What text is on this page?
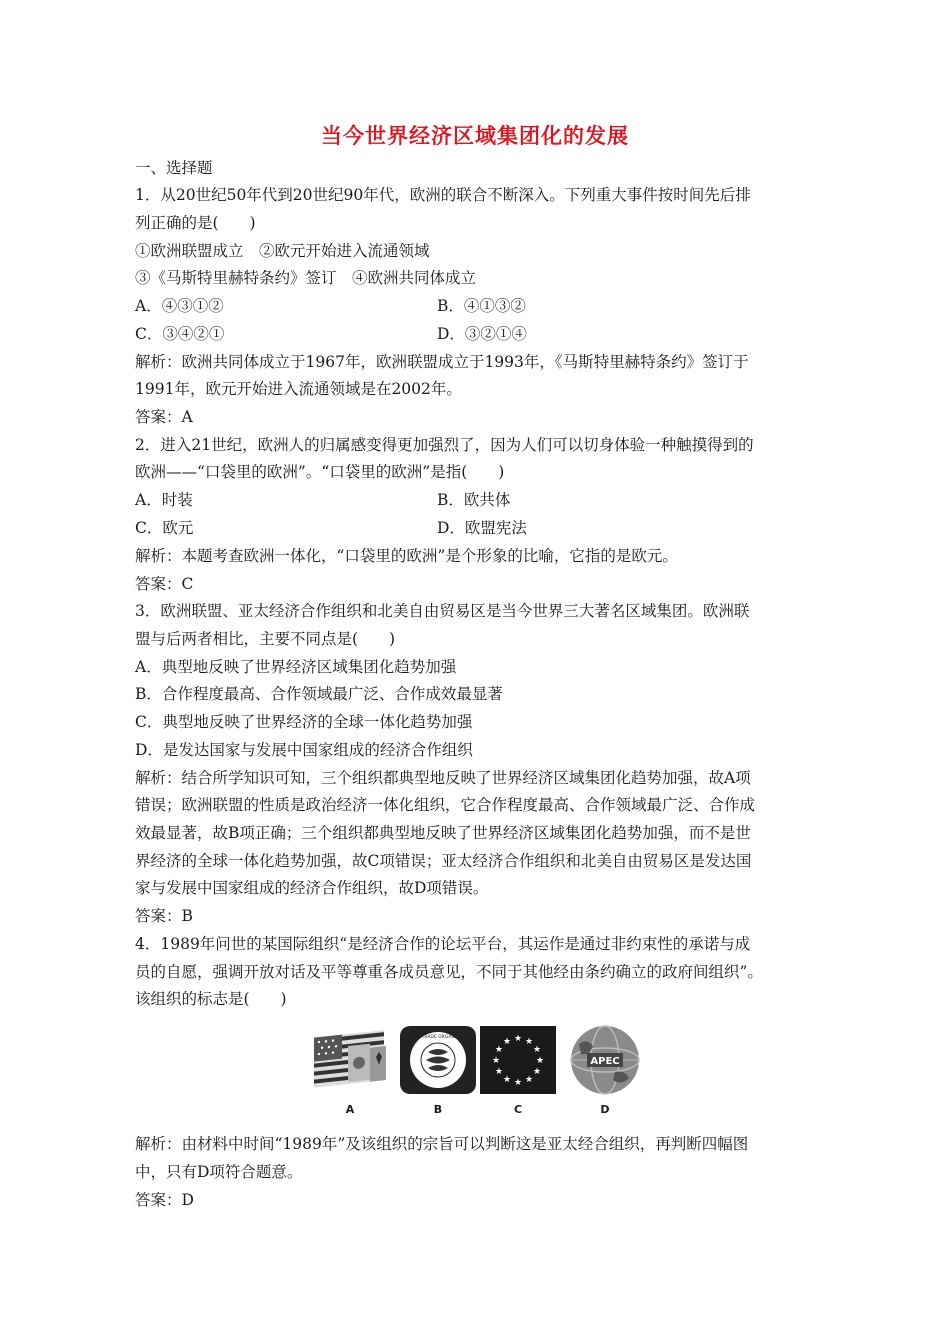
当今世界经济区域集团化的发展
一、选择题
1．从20世纪50年代到20世纪90年代，欧洲的联合不断深入。下列重大事件按时间先后排
列正确的是(　　)
①欧洲联盟成立　②欧元开始进入流通领域
③《马斯特里赫特条约》签订　④欧洲共同体成立
A．④③①②	B．④①③②
C．③④②①	D．③②①④
解析：欧洲共同体成立于1967年，欧洲联盟成立于1993年，《马斯特里赫特条约》签订于
1991年，欧元开始进入流通领域是在2002年。
答案：A
2．进入21世纪，欧洲人的归属感变得更加强烈了，因为人们可以切身体验一种触摸得到的
欧洲——“口袋里的欧洲”。“口袋里的欧洲”是指(　　)
A．时装	B．欧共体
C．欧元	D．欧盟宪法
解析：本题考查欧洲一体化，“口袋里的欧洲”是个形象的比喻，它指的是欧元。
答案：C
3．欧洲联盟、亚太经济合作组织和北美自由贸易区是当今世界三大著名区域集团。欧洲联
盟与后两者相比，主要不同点是(　　)
A．典型地反映了世界经济区域集团化趋势加强
B．合作程度最高、合作领域最广泛、合作成效最显著
C．典型地反映了世界经济的全球一体化趋势加强
D．是发达国家与发展中国家组成的经济合作组织
解析：结合所学知识可知，三个组织都典型地反映了世界经济区域集团化趋势加强，故A项
错误；欧洲联盟的性质是政治经济一体化组织，它合作程度最高、合作领域最广泛、合作成
效最显著，故B项正确；三个组织都典型地反映了世界经济区域集团化趋势加强，而不是世
界经济的全球一体化趋势加强，故C项错误；亚太经济合作组织和北美自由贸易区是发达国
家与发展中国家组成的经济合作组织，故D项错误。
答案：B
4．1989年问世的某国际组织“是经济合作的论坛平台，其运作是通过非约束性的承诺与成
员的自愿，强调开放对话及平等尊重各成员意见，不同于其他经由条约确立的政府间组织”。
该组织的标志是(　　)
A
WORLD TRADE ORGANIZATION
B
★
★
★
★
★
★
★
★
★ ★ ★
★
C
APEC
D
解析：由材料中时间“1989年”及该组织的宗旨可以判断这是亚太经合组织，再判断四幅图
中，只有D项符合题意。
答案：D
